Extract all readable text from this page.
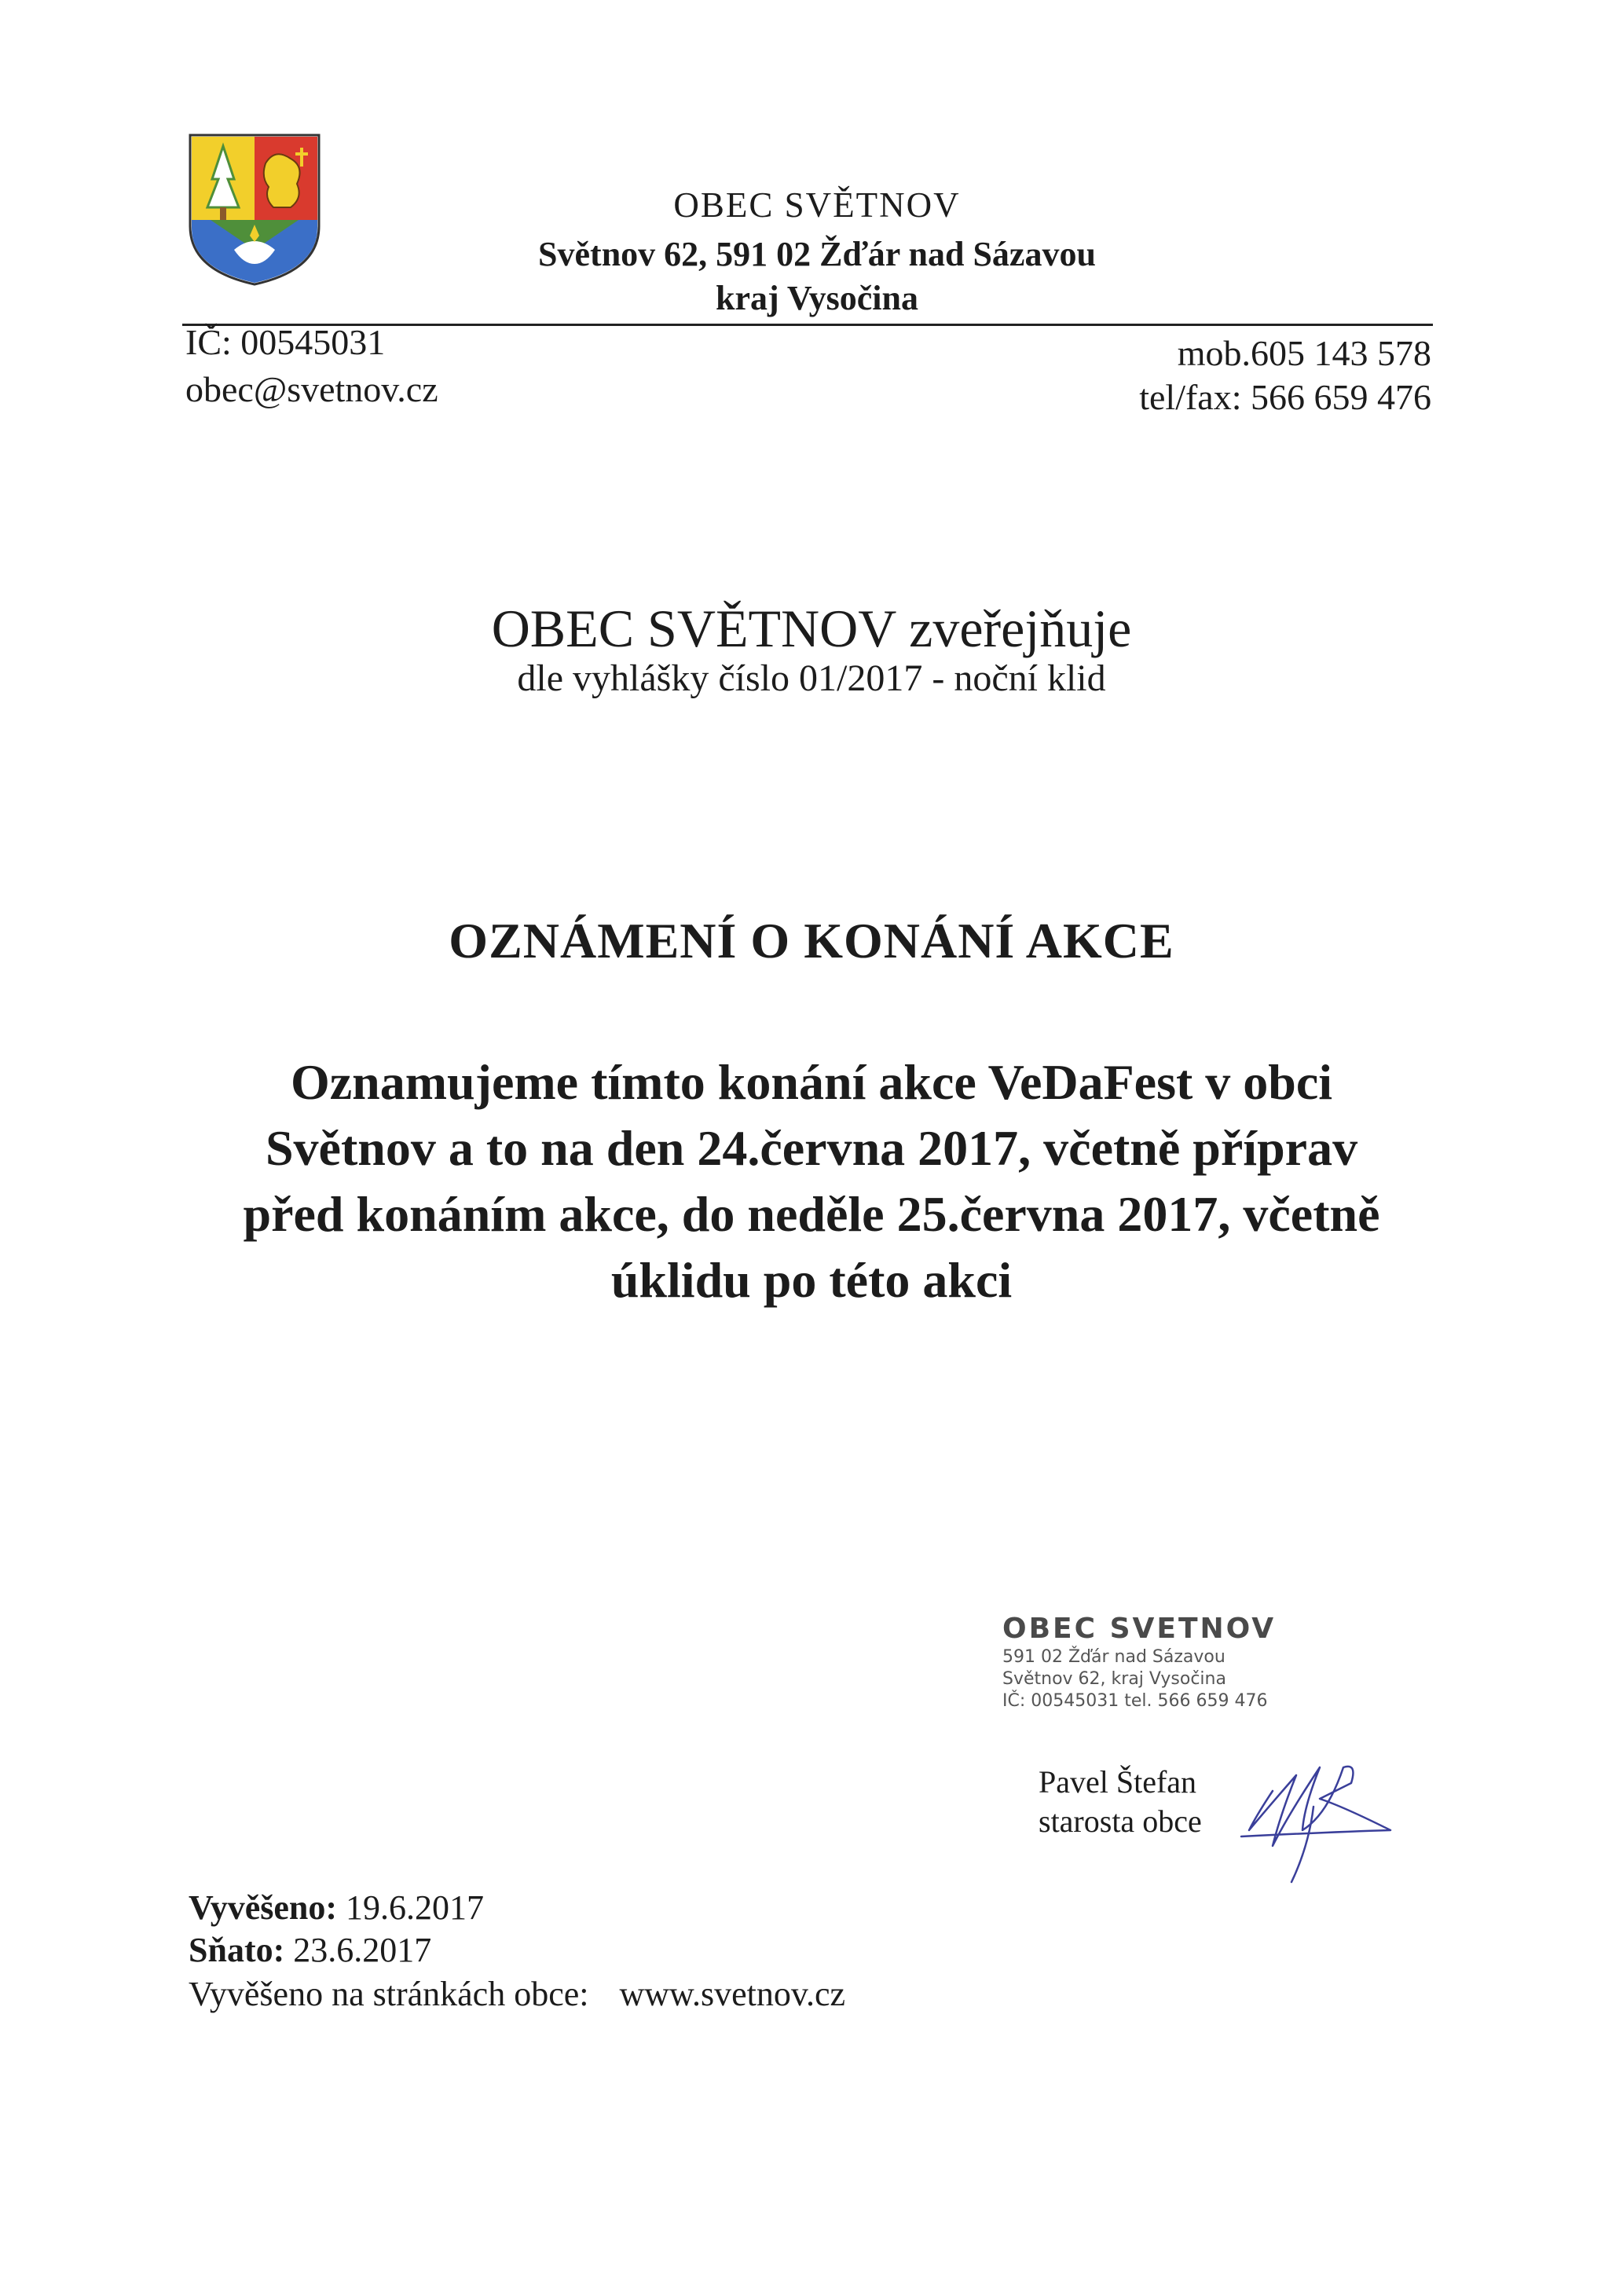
OBEC SVĚTNOV
Světnov 62, 591 02 Žďár nad Sázavou
kraj Vysočina
IČ: 00545031
obec@svetnov.cz
mob.605 143 578
tel/fax: 566 659 476
OBEC SVĚTNOV zveřejňuje
dle vyhlášky číslo 01/2017 - noční klid
OZNÁMENÍ O KONÁNÍ AKCE
Oznamujeme tímto konání akce VeDaFest v obci
Světnov a to na den 24.června 2017, včetně příprav
před konáním akce, do neděle 25.června 2017, včetně
úklidu po této akci
OBEC SVETNOV
591 02 Žďár nad Sázavou
Světnov 62, kraj Vysočina
IČ: 00545031 tel. 566 659 476
Pavel Štefan
starosta obce
Vyvěšeno: 19.6.2017
Sňato: 23.6.2017
Vyvěšeno na stránkách obce: www.svetnov.cz
